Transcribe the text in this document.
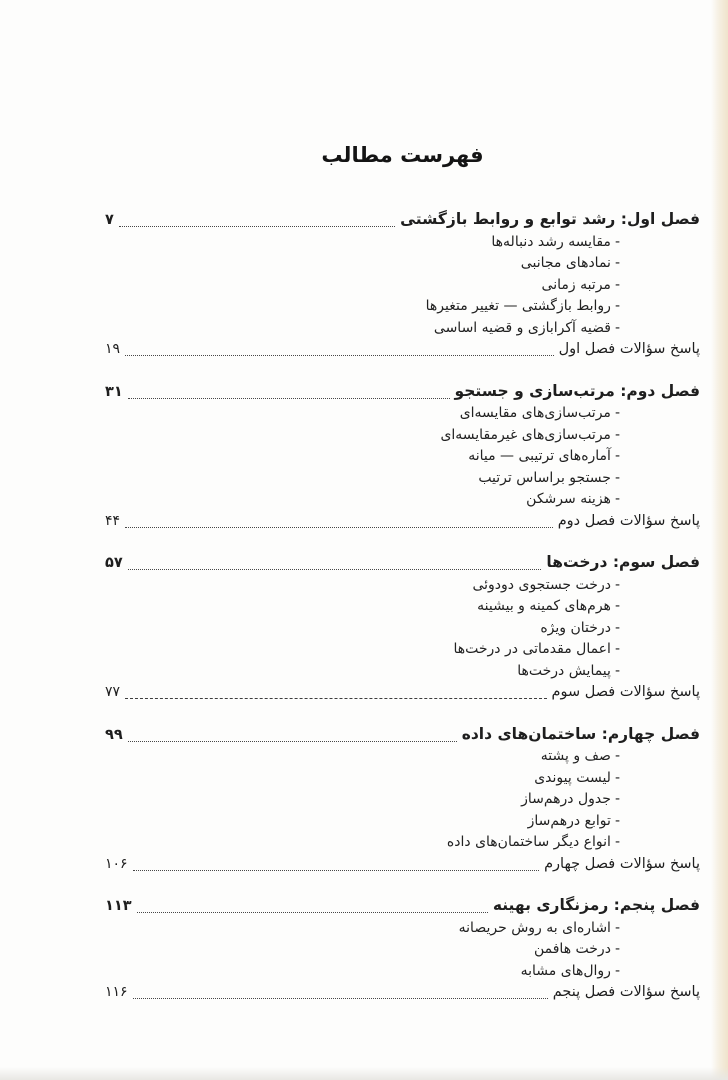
فهرست مطالب
فصل اول: رشد توابع و روابط بازگشتی
۷
-مقایسه رشد دنباله‌ها
-نمادهای مجانبی
-مرتبه زمانی
-روابط بازگشتی — تغییر متغیرها
-قضیه آکرابازی و قضیه اساسی
پاسخ سؤالات فصل اول
۱۹
فصل دوم: مرتب‌سازی و جستجو
۳۱
-مرتب‌سازی‌های مقایسه‌ای
-مرتب‌سازی‌های غیرمقایسه‌ای
-آماره‌های ترتیبی — میانه
-جستجو براساس ترتیب
-هزینه سرشکن
پاسخ سؤالات فصل دوم
۴۴
فصل سوم: درخت‌ها
۵۷
-درخت جستجوی دودوئی
-هرم‌های کمینه و بیشینه
-درختان ویژه
-اعمال مقدماتی در درخت‌ها
-پیمایش درخت‌ها
پاسخ سؤالات فصل سوم
۷۷
فصل چهارم: ساختمان‌های داده
۹۹
-صف و پشته
-لیست پیوندی
-جدول درهم‌ساز
-توابع درهم‌ساز
-انواع دیگر ساختمان‌های داده
پاسخ سؤالات فصل چهارم
۱۰۶
فصل پنجم: رمزنگاری بهینه
۱۱۳
-اشاره‌ای به روش حریصانه
-درخت هافمن
-روال‌های مشابه
پاسخ سؤالات فصل پنجم
۱۱۶
